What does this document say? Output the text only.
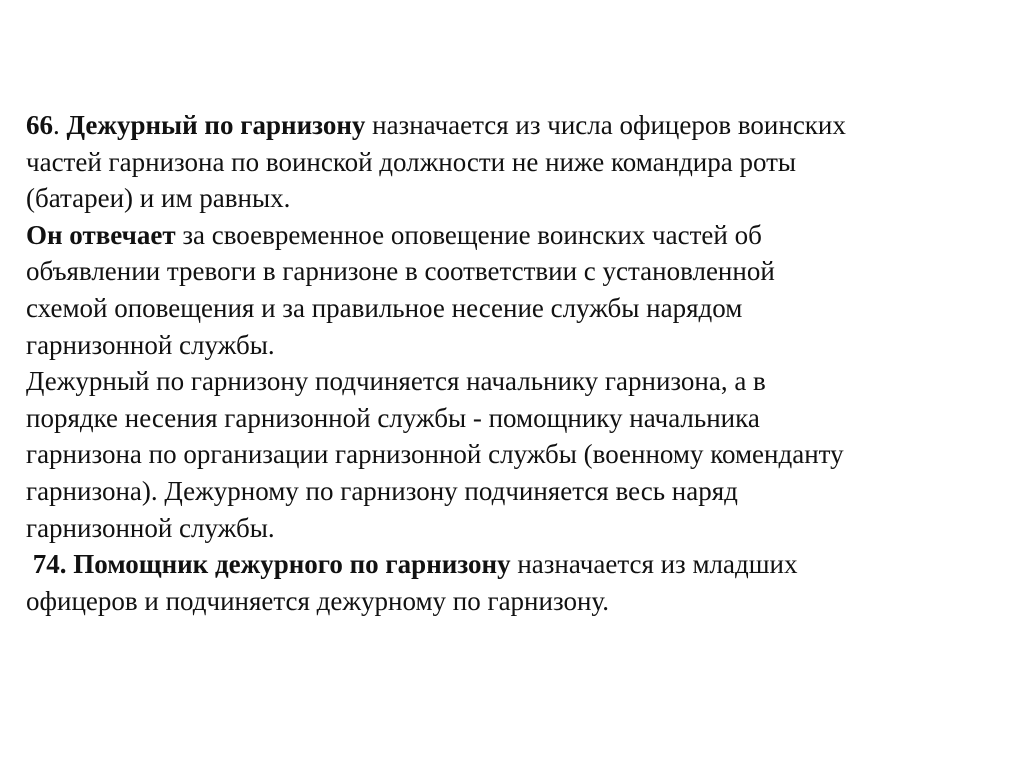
66. Дежурный по гарнизону назначается из числа офицеров воинских
частей гарнизона по воинской должности не ниже командира роты
(батареи) и им равных.
Он отвечает за своевременное оповещение воинских частей об
объявлении тревоги в гарнизоне в соответствии с установленной
схемой оповещения и за правильное несение службы нарядом
гарнизонной службы.
Дежурный по гарнизону подчиняется начальнику гарнизона, а в
порядке несения гарнизонной службы - помощнику начальника
гарнизона по организации гарнизонной службы (военному коменданту
гарнизона). Дежурному по гарнизону подчиняется весь наряд
гарнизонной службы.
74. Помощник дежурного по гарнизону назначается из младших
офицеров и подчиняется дежурному по гарнизону.
